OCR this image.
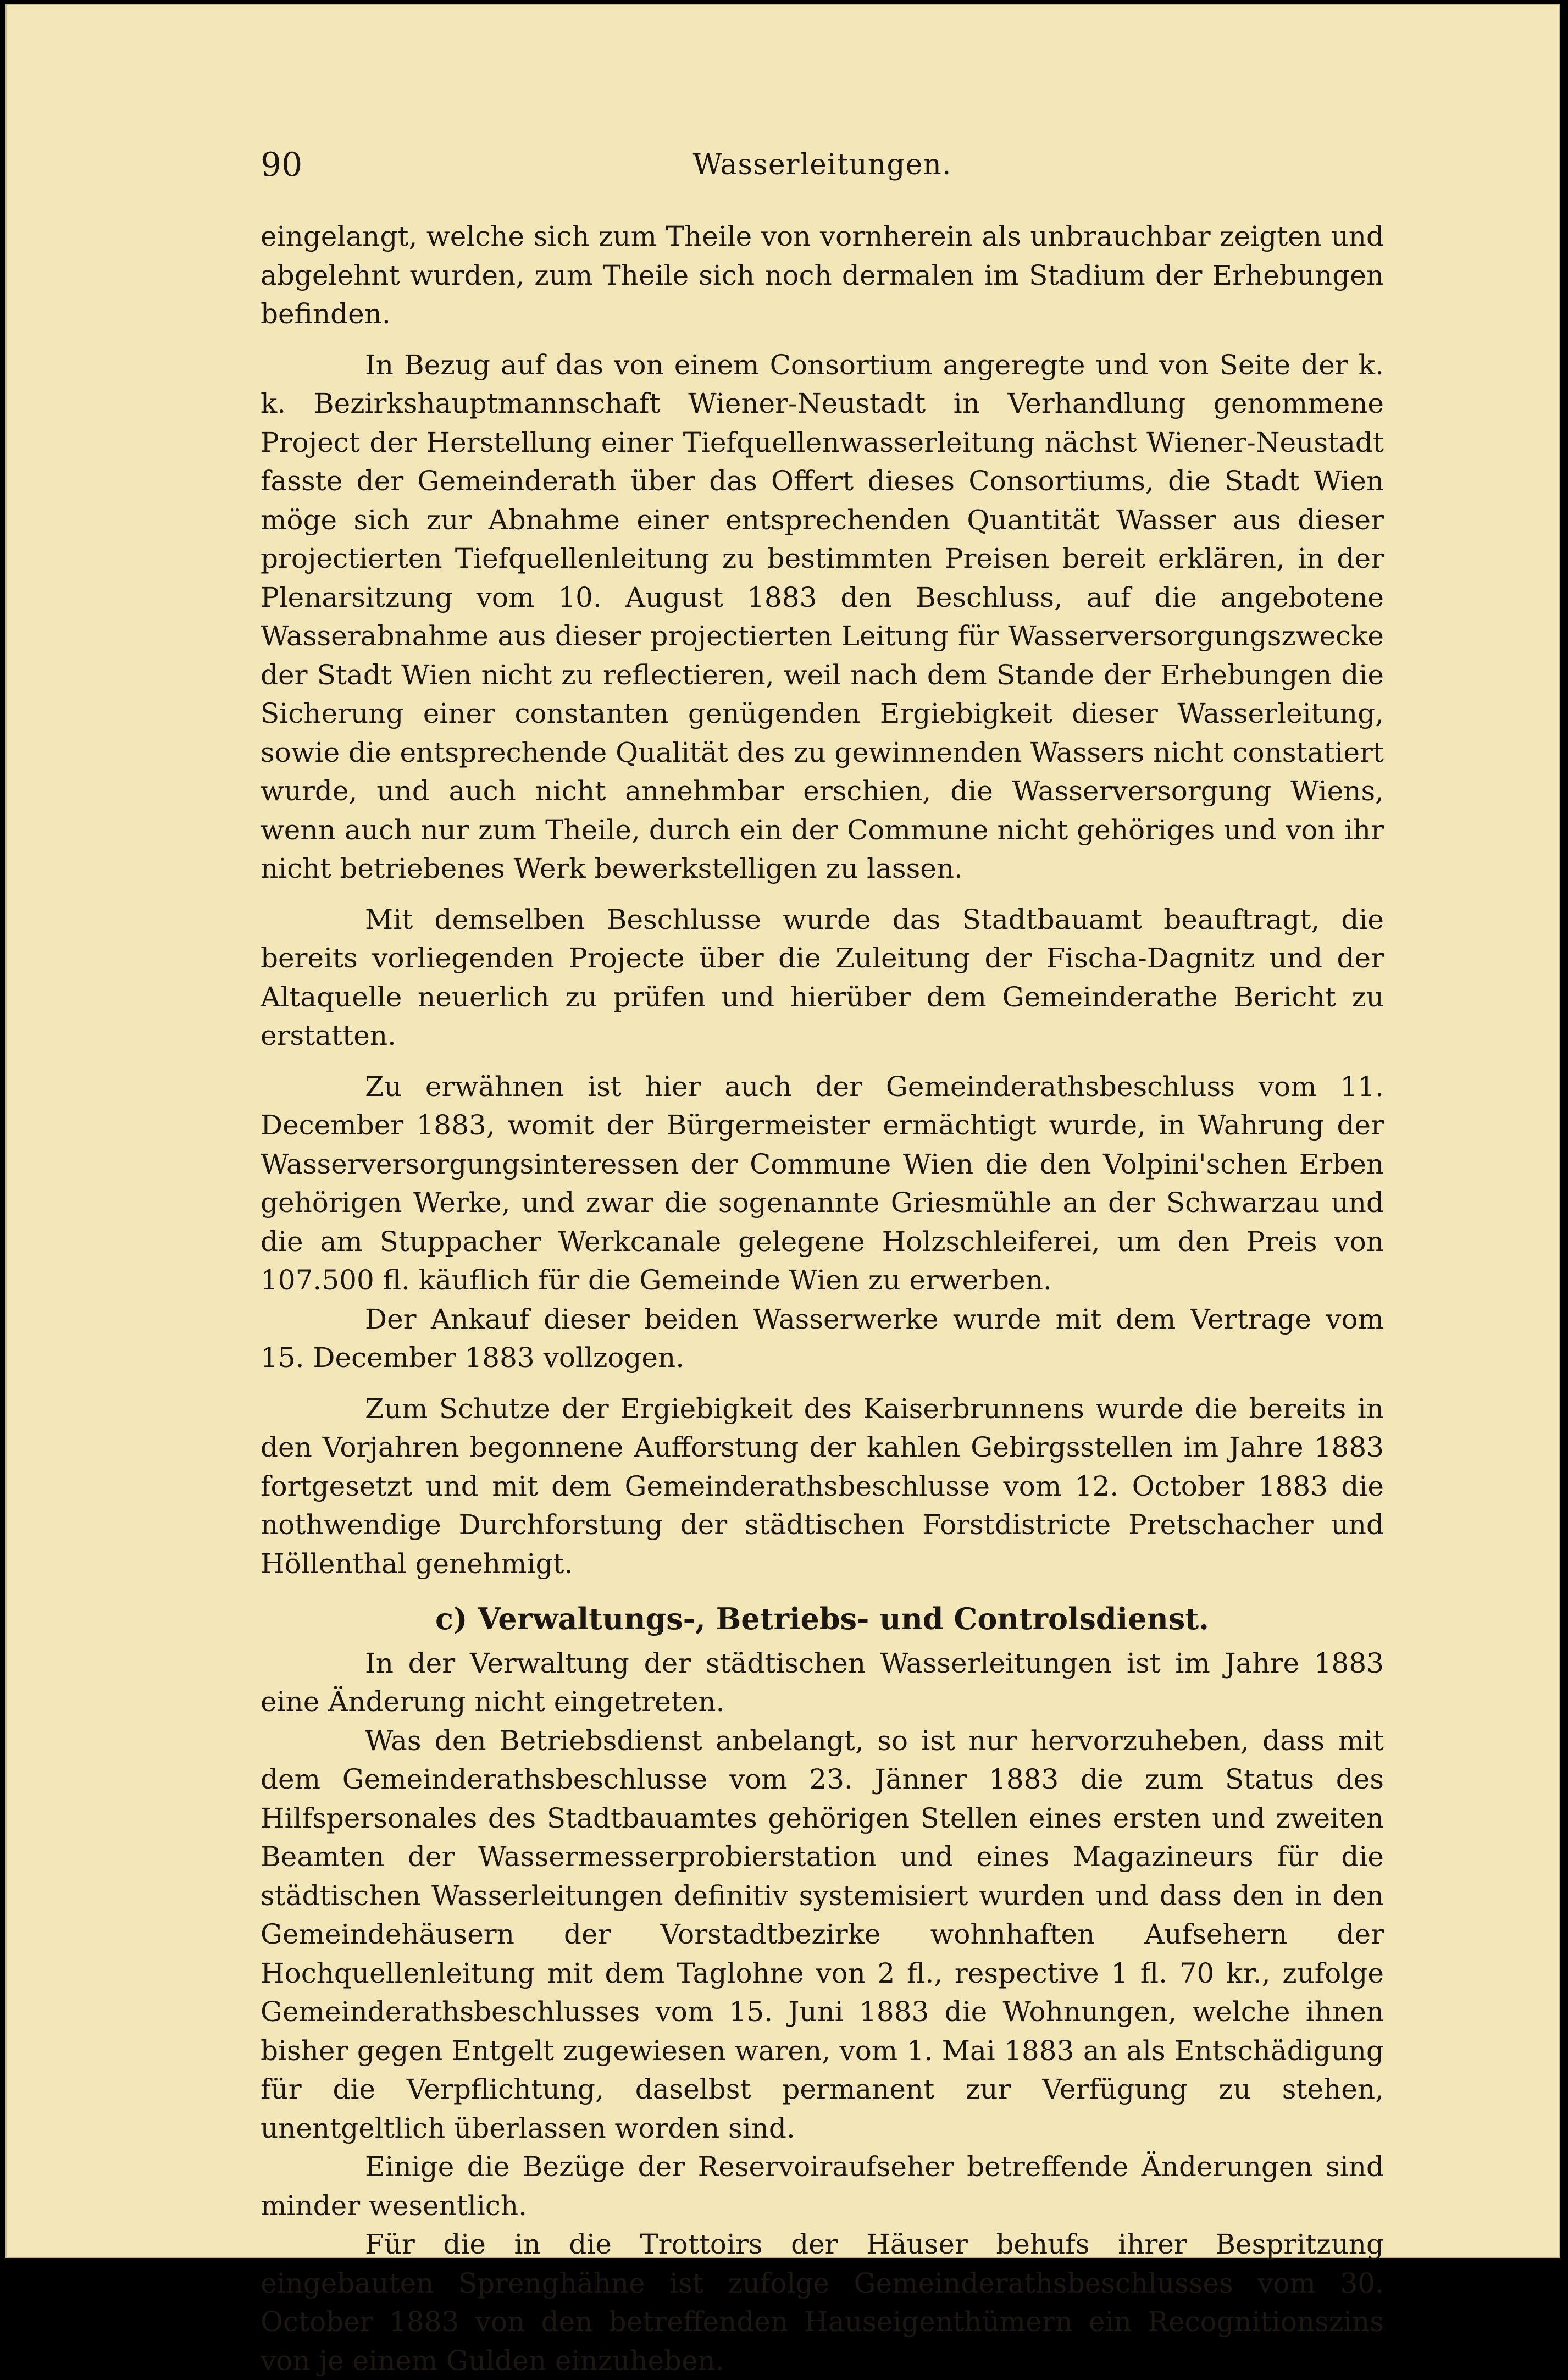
90	Wasserleitungen.

eingelangt, welche sich zum Theile von vornherein als unbrauchbar zeigten und abgelehnt wurden, zum Theile sich noch dermalen im Stadium der Erhebungen befinden.

In Bezug auf das von einem Consortium angeregte und von Seite der k. k. Bezirkshauptmannschaft Wiener-Neustadt in Verhandlung genommene Project der Herstellung einer Tiefquellenwasserleitung nächst Wiener-Neustadt fasste der Gemeinderath über das Offert dieses Consortiums, die Stadt Wien möge sich zur Abnahme einer entsprechenden Quantität Wasser aus dieser projectierten Tiefquellenleitung zu bestimmten Preisen bereit erklären, in der Plenarsitzung vom 10. August 1883 den Beschluss, auf die angebotene Wasserabnahme aus dieser projectierten Leitung für Wasserversorgungszwecke der Stadt Wien nicht zu reflectieren, weil nach dem Stande der Erhebungen die Sicherung einer constanten genügenden Ergiebigkeit dieser Wasserleitung, sowie die entsprechende Qualität des zu gewinnenden Wassers nicht constatiert wurde, und auch nicht annehmbar erschien, die Wasserversorgung Wiens, wenn auch nur zum Theile, durch ein der Commune nicht gehöriges und von ihr nicht betriebenes Werk bewerkstelligen zu lassen.

Mit demselben Beschlusse wurde das Stadtbauamt beauftragt, die bereits vorliegenden Projecte über die Zuleitung der Fischa-Dagnitz und der Altaquelle neuerlich zu prüfen und hierüber dem Gemeinderathe Bericht zu erstatten.

Zu erwähnen ist hier auch der Gemeinderathsbeschluss vom 11. December 1883, womit der Bürgermeister ermächtigt wurde, in Wahrung der Wasserversorgungsinteressen der Commune Wien die den Volpini'schen Erben gehörigen Werke, und zwar die sogenannte Griesmühle an der Schwarzau und die am Stuppacher Werkcanale gelegene Holzschleiferei, um den Preis von 107.500 fl. käuflich für die Gemeinde Wien zu erwerben.

Der Ankauf dieser beiden Wasserwerke wurde mit dem Vertrage vom 15. December 1883 vollzogen.

Zum Schutze der Ergiebigkeit des Kaiserbrunnens wurde die bereits in den Vorjahren begonnene Aufforstung der kahlen Gebirgsstellen im Jahre 1883 fortgesetzt und mit dem Gemeinderathsbeschlusse vom 12. October 1883 die nothwendige Durchforstung der städtischen Forstdistricte Pretschacher und Höllenthal genehmigt.

c) Verwaltungs-, Betriebs- und Controlsdienst.

In der Verwaltung der städtischen Wasserleitungen ist im Jahre 1883 eine Änderung nicht eingetreten.

Was den Betriebsdienst anbelangt, so ist nur hervorzuheben, dass mit dem Gemeinderathsbeschlusse vom 23. Jänner 1883 die zum Status des Hilfspersonales des Stadtbauamtes gehörigen Stellen eines ersten und zweiten Beamten der Wassermesserprobierstation und eines Magazineurs für die städtischen Wasserleitungen definitiv systemisiert wurden und dass den in den Gemeindehäusern der Vorstadtbezirke wohnhaften Aufsehern der Hochquellenleitung mit dem Taglohne von 2 fl., respective 1 fl. 70 kr., zufolge Gemeinderathsbeschlusses vom 15. Juni 1883 die Wohnungen, welche ihnen bisher gegen Entgelt zugewiesen waren, vom 1. Mai 1883 an als Entschädigung für die Verpflichtung, daselbst permanent zur Verfügung zu stehen, unentgeltlich überlassen worden sind.

Einige die Bezüge der Reservoiraufseher betreffende Änderungen sind minder wesentlich.

Für die in die Trottoirs der Häuser behufs ihrer Bespritzung eingebauten Sprenghähne ist zufolge Gemeinderathsbeschlusses vom 30. October 1883 von den betreffenden Hauseigenthümern ein Recognitionszins von je einem Gulden einzuheben.
